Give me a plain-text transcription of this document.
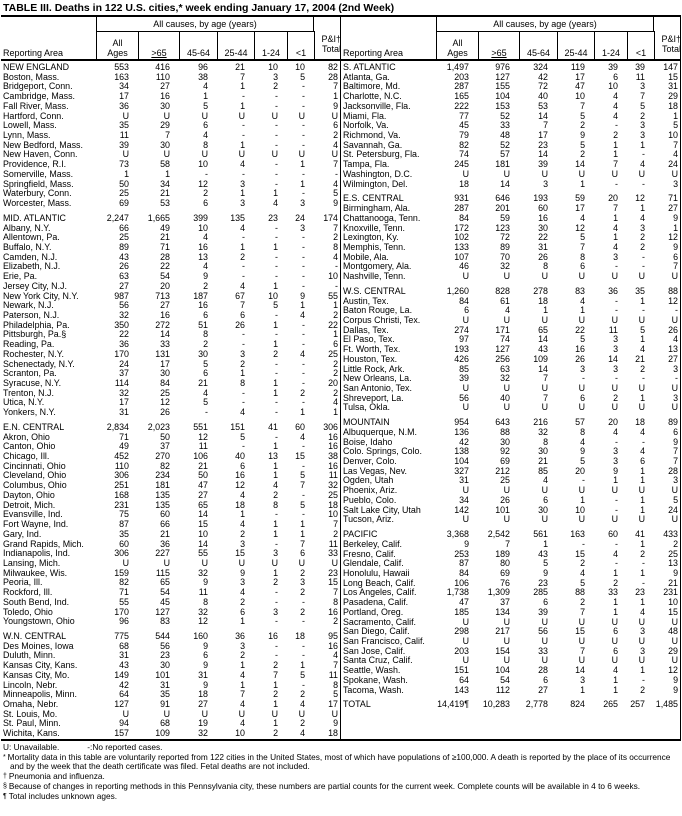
TABLE III. Deaths in 122 U.S. cities,* week ending January 17, 2004 (2nd Week)
All causes, by age (years)
Reporting Area
All
Ages	>65	45-64	25-44	1-24	<1
P&I†
Total
NEW ENGLAND	553	416	96	21	10	10	82
Boston, Mass.	163	110	38	7	3	5	28
Bridgeport, Conn.	34	27	4	1	2	-	7
Cambridge, Mass.	17	16	1	-	-	-	1
Fall River, Mass.	36	30	5	1	-	-	9
Hartford, Conn.	U	U	U	U	U	U	U
Lowell, Mass.	35	29	6	-	-	-	6
Lynn, Mass.	11	7	4	-	-	-	2
New Bedford, Mass.	39	30	8	1	-	-	4
New Haven, Conn.	U	U	U	U	U	U	U
Providence, R.I.	73	58	10	4	-	1	7
Somerville, Mass.	1	1	-	-	-	-	-
Springfield, Mass.	50	34	12	3	-	1	4
Waterbury, Conn.	25	21	2	1	1	-	5
Worcester, Mass.	69	53	6	3	4	3	9
MID. ATLANTIC	2,247	1,665	399	135	23	24	174
Albany, N.Y.	66	49	10	4	-	3	7
Allentown, Pa.	25	21	4	-	-	-	2
Buffalo, N.Y.	89	71	16	1	1	-	8
Camden, N.J.	43	28	13	2	-	-	4
Elizabeth, N.J.	26	22	4	-	-	-	-
Erie, Pa.	63	54	9	-	-	-	10
Jersey City, N.J.	27	20	2	4	1	-	-
New York City, N.Y.	987	713	187	67	10	9	55
Newark, N.J.	56	27	16	7	5	1	1
Paterson, N.J.	32	16	6	6	-	4	2
Philadelphia, Pa.	350	272	51	26	1	-	22
Pittsburgh, Pa.§	22	14	8	-	-	-	1
Reading, Pa.	36	33	2	-	1	-	6
Rochester, N.Y.	170	131	30	3	2	4	25
Schenectady, N.Y.	24	17	5	2	-	-	2
Scranton, Pa.	37	30	6	1	-	-	2
Syracuse, N.Y.	114	84	21	8	1	-	20
Trenton, N.J.	32	25	4	-	1	2	2
Utica, N.Y.	17	12	5	-	-	-	4
Yonkers, N.Y.	31	26	-	4	-	1	1
E.N. CENTRAL	2,834	2,023	551	151	41	60	306
Akron, Ohio	71	50	12	5	-	4	16
Canton, Ohio	49	37	11	-	1	-	16
Chicago, Ill.	452	270	106	40	13	15	38
Cincinnati, Ohio	110	82	21	6	1	-	16
Cleveland, Ohio	306	234	50	16	1	5	11
Columbus, Ohio	251	181	47	12	4	7	32
Dayton, Ohio	168	135	27	4	2	-	25
Detroit, Mich.	231	135	65	18	8	5	18
Evansville, Ind.	75	60	14	1	-	-	10
Fort Wayne, Ind.	87	66	15	4	1	1	7
Gary, Ind.	35	21	10	2	1	1	2
Grand Rapids, Mich.	60	36	14	3	-	7	11
Indianapolis, Ind.	306	227	55	15	3	6	33
Lansing, Mich.	U	U	U	U	U	U	U
Milwaukee, Wis.	159	115	32	9	1	2	23
Peoria, Ill.	82	65	9	3	2	3	15
Rockford, Ill.	71	54	11	4	-	2	7
South Bend, Ind.	55	45	8	2	-	-	8
Toledo, Ohio	170	127	32	6	3	2	16
Youngstown, Ohio	96	83	12	1	-	-	2
W.N. CENTRAL	775	544	160	36	16	18	95
Des Moines, Iowa	68	56	9	3	-	-	16
Duluth, Minn.	31	23	6	2	-	-	4
Kansas City, Kans.	43	30	9	1	2	1	7
Kansas City, Mo.	149	101	31	4	7	5	11
Lincoln, Nebr.	42	31	9	1	1	-	8
Minneapolis, Minn.	64	35	18	7	2	2	5
Omaha, Nebr.	127	91	27	4	1	4	17
St. Louis, Mo.	U	U	U	U	U	U	U
St. Paul, Minn.	94	68	19	4	1	2	9
Wichita, Kans.	157	109	32	10	2	4	18
All causes, by age (years)
Reporting Area
All
Ages	>65	45-64	25-44	1-24	<1
P&I†
Total
S. ATLANTIC	1,497	976	324	119	39	39	147
Atlanta, Ga.	203	127	42	17	6	11	15
Baltimore, Md.	287	155	72	47	10	3	31
Charlotte, N.C.	165	104	40	10	4	7	29
Jacksonville, Fla.	222	153	53	7	4	5	18
Miami, Fla.	77	52	14	5	4	2	1
Norfolk, Va.	45	33	7	2	-	3	5
Richmond, Va.	79	48	17	9	2	3	10
Savannah, Ga.	82	52	23	5	1	1	7
St. Petersburg, Fla.	74	57	14	2	1	-	4
Tampa, Fla.	245	181	39	14	7	4	24
Washington, D.C.	U	U	U	U	U	U	U
Wilmington, Del.	18	14	3	1	-	-	3
E.S. CENTRAL	931	646	193	59	20	12	71
Birmingham, Ala.	287	201	60	17	7	1	27
Chattanooga, Tenn.	84	59	16	4	1	4	9
Knoxville, Tenn.	172	123	30	12	4	3	1
Lexington, Ky.	102	72	22	5	1	2	12
Memphis, Tenn.	133	89	31	7	4	2	9
Mobile, Ala.	107	70	26	8	3	-	6
Montgomery, Ala.	46	32	8	6	-	-	7
Nashville, Tenn.	U	U	U	U	U	U	U
W.S. CENTRAL	1,260	828	278	83	36	35	88
Austin, Tex.	84	61	18	4	-	1	12
Baton Rouge, La.	6	4	1	1	-	-	-
Corpus Christi, Tex.	U	U	U	U	U	U	U
Dallas, Tex.	274	171	65	22	11	5	26
El Paso, Tex.	97	74	14	5	3	1	4
Ft. Worth, Tex.	193	127	43	16	3	4	13
Houston, Tex.	426	256	109	26	14	21	27
Little Rock, Ark.	85	63	14	3	3	2	3
New Orleans, La.	39	32	7	-	-	-	-
San Antonio, Tex.	U	U	U	U	U	U	U
Shreveport, La.	56	40	7	6	2	1	3
Tulsa, Okla.	U	U	U	U	U	U	U
MOUNTAIN	954	643	216	57	20	18	89
Albuquerque, N.M.	136	88	32	8	4	4	6
Boise, Idaho	42	30	8	4	-	-	9
Colo. Springs, Colo.	138	92	30	9	3	4	7
Denver, Colo.	104	69	21	5	3	6	7
Las Vegas, Nev.	327	212	85	20	9	1	28
Ogden, Utah	31	25	4	-	1	1	3
Phoenix, Ariz.	U	U	U	U	U	U	U
Pueblo, Colo.	34	26	6	1	-	1	5
Salt Lake City, Utah	142	101	30	10	-	1	24
Tucson, Ariz.	U	U	U	U	U	U	U
PACIFIC	3,368	2,542	561	163	60	41	433
Berkeley, Calif.	9	7	1	-	-	1	2
Fresno, Calif.	253	189	43	15	4	2	25
Glendale, Calif.	87	80	5	2	-	-	13
Honolulu, Hawaii	84	69	9	4	1	1	9
Long Beach, Calif.	106	76	23	5	2	-	21
Los Angeles, Calif.	1,738	1,309	285	88	33	23	231
Pasadena, Calif.	47	37	6	2	1	1	10
Portland, Oreg.	185	134	39	7	1	4	15
Sacramento, Calif.	U	U	U	U	U	U	U
San Diego, Calif.	298	217	56	15	6	3	48
San Francisco, Calif.	U	U	U	U	U	U	U
San Jose, Calif.	203	154	33	7	6	3	29
Santa Cruz, Calif.	U	U	U	U	U	U	U
Seattle, Wash.	151	104	28	14	4	1	12
Spokane, Wash.	64	54	6	3	1	-	9
Tacoma, Wash.	143	112	27	1	1	2	9
TOTAL	14,419¶	10,283	2,778	824	265	257	1,485
U: Unavailable.	-:No reported cases.
* Mortality data in this table are voluntarily reported from 122 cities in the United States, most of which have populations of ≥100,000. A death is reported by the place of its occurrence and by the week that the death certificate was filed. Fetal deaths are not included.
† Pneumonia and influenza.
§ Because of changes in reporting methods in this Pennsylvania city, these numbers are partial counts for the current week. Complete counts will be available in 4 to 6 weeks.
¶ Total includes unknown ages.
